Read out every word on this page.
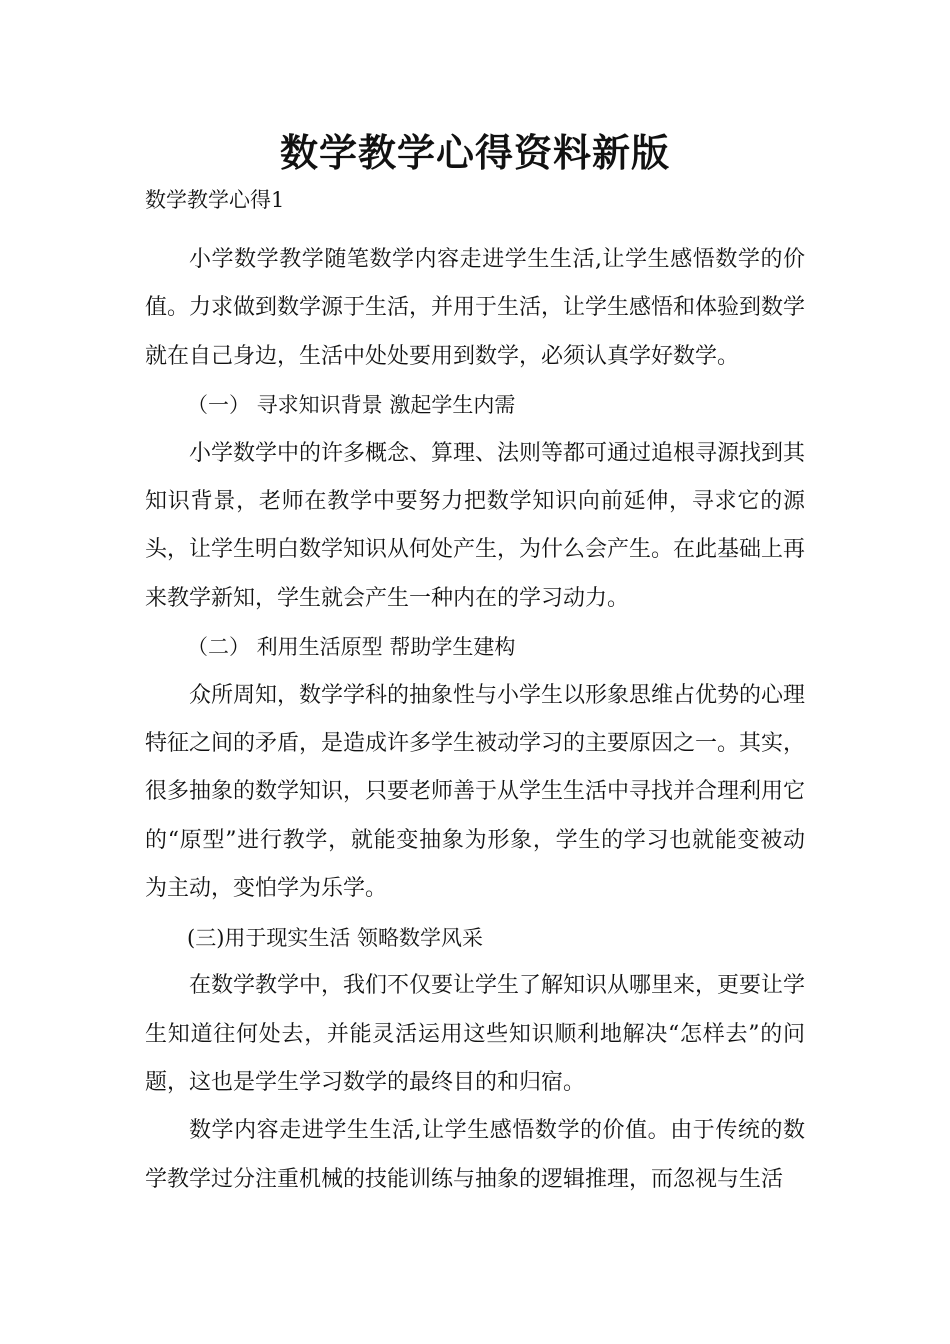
数学教学心得资料新版
数学教学心得1

小学数学教学随笔数学内容走进学生生活,让学生感悟数学的价值。力求做到数学源于生活，并用于生活，让学生感悟和体验到数学就在自己身边，生活中处处要用到数学，必须认真学好数学。

（一） 寻求知识背景 激起学生内需

小学数学中的许多概念、算理、法则等都可通过追根寻源找到其知识背景，老师在教学中要努力把数学知识向前延伸，寻求它的源头，让学生明白数学知识从何处产生，为什么会产生。在此基础上再来教学新知，学生就会产生一种内在的学习动力。

（二） 利用生活原型 帮助学生建构

众所周知，数学学科的抽象性与小学生以形象思维占优势的心理特征之间的矛盾，是造成许多学生被动学习的主要原因之一。其实，很多抽象的数学知识，只要老师善于从学生生活中寻找并合理利用它的“原型”进行教学，就能变抽象为形象，学生的学习也就能变被动为主动，变怕学为乐学。

(三)用于现实生活 领略数学风采

在数学教学中，我们不仅要让学生了解知识从哪里来，更要让学生知道往何处去，并能灵活运用这些知识顺利地解决“怎样去”的问题，这也是学生学习数学的最终目的和归宿。

数学内容走进学生生活,让学生感悟数学的价值。由于传统的数学教学过分注重机械的技能训练与抽象的逻辑推理，而忽视与生活
